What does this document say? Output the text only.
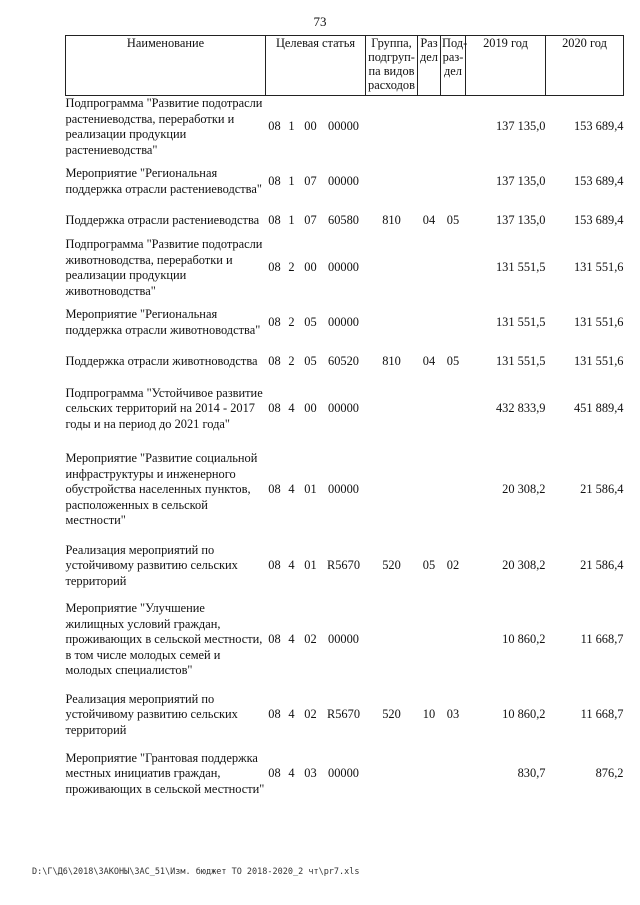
73
Наименование	Целевая статья				Группа, подгруп-па видов расходов	Раз дел	Под-раз-дел	2019 год	2020 год
Подпрограмма "Развитие подотрасли растениеводства, переработки и реализации продукции растениеводства"	08	1	00	00000				137 135,0	153 689,4
Мероприятие "Региональная поддержка отрасли растениеводства"	08	1	07	00000				137 135,0	153 689,4
Поддержка отрасли растениеводства	08	1	07	60580	810	04	05	137 135,0	153 689,4
Подпрограмма "Развитие подотрасли животноводства, переработки и реализации продукции животноводства"	08	2	00	00000				131 551,5	131 551,6
Мероприятие "Региональная поддержка отрасли животноводства"	08	2	05	00000				131 551,5	131 551,6
Поддержка отрасли животноводства	08	2	05	60520	810	04	05	131 551,5	131 551,6
Подпрограмма "Устойчивое развитие сельских территорий на 2014 - 2017 годы и на период до 2021 года"	08	4	00	00000				432 833,9	451 889,4
Мероприятие "Развитие социальной инфраструктуры и инженерного обустройства населенных пунктов, расположенных в сельской местности"	08	4	01	00000				20 308,2	21 586,4
Реализация мероприятий по устойчивому развитию сельских территорий	08	4	01	R5670	520	05	02	20 308,2	21 586,4
Мероприятие "Улучшение жилищных условий граждан, проживающих в сельской местности, в том числе молодых семей и молодых специалистов"	08	4	02	00000				10 860,2	11 668,7
Реализация мероприятий по устойчивому развитию сельских территорий	08	4	02	R5670	520	10	03	10 860,2	11 668,7
Мероприятие "Грантовая поддержка местных инициатив граждан, проживающих в сельской местности"	08	4	03	00000				830,7	876,2
D:\Г\Д6\2018\ЗАКОНЫ\ЗАС_51\Изм. бюджет ТО 2018-2020_2 чт\pr7.xls
